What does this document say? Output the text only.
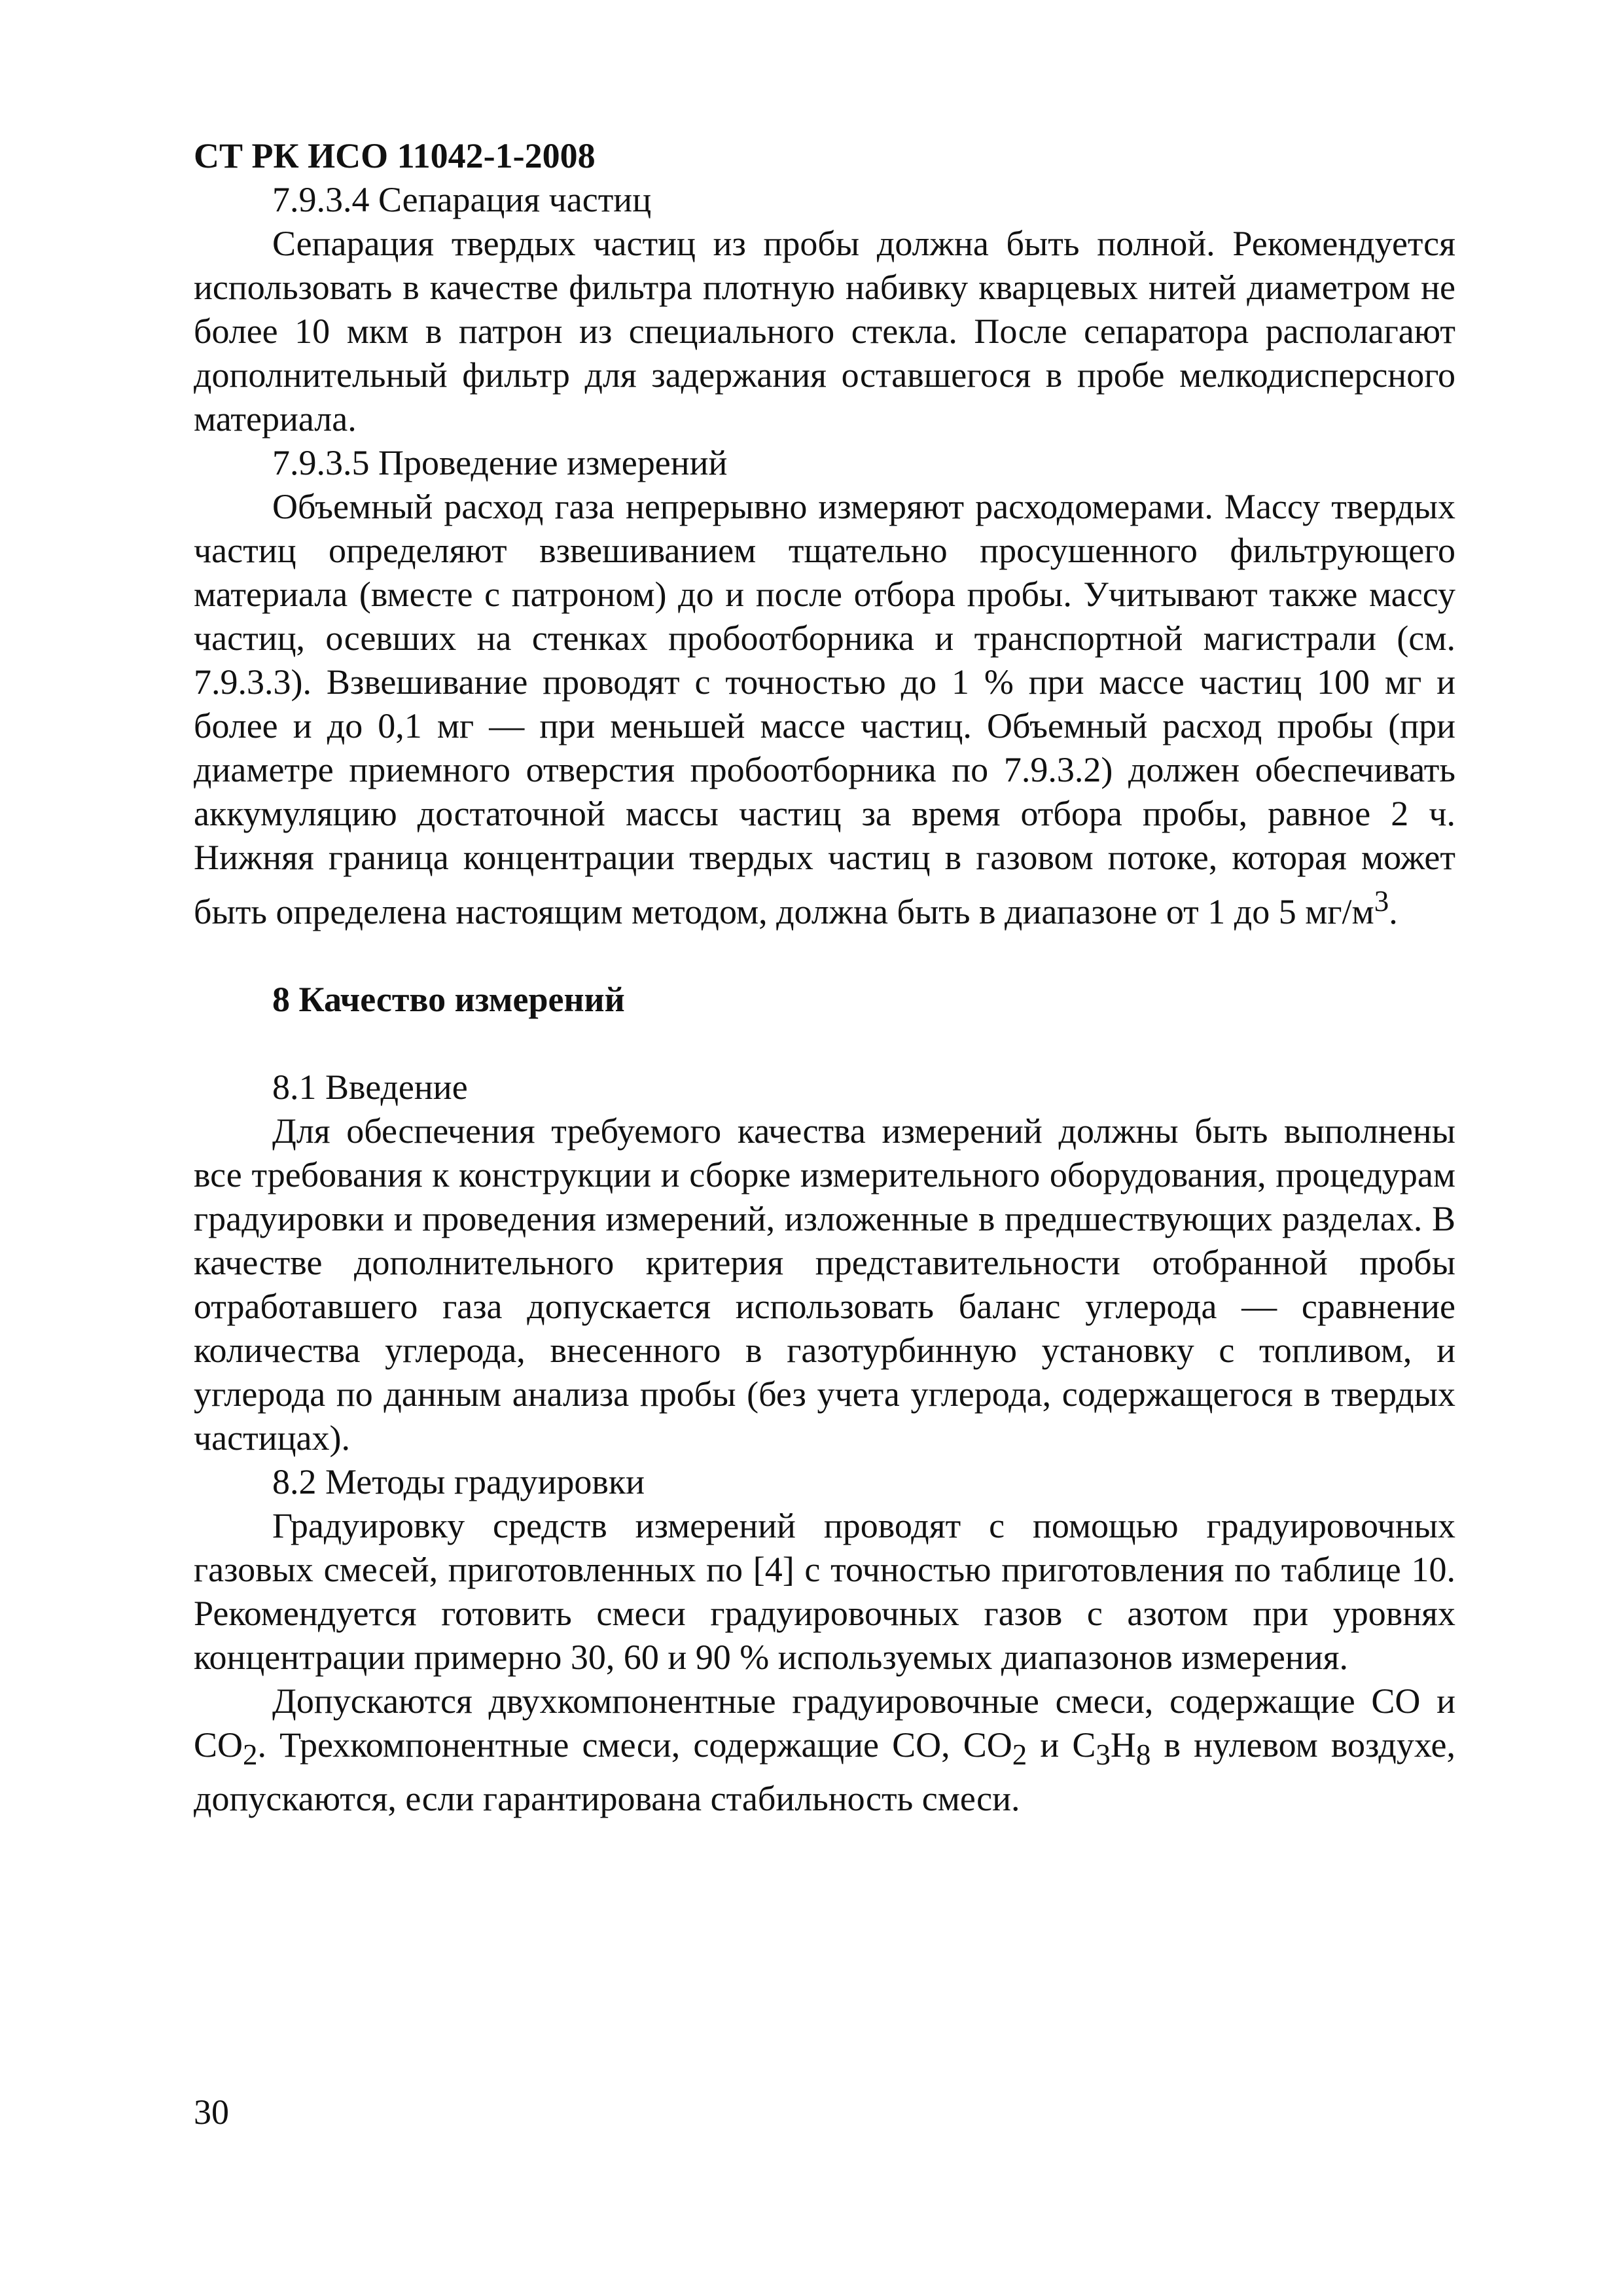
СТ РК ИСО 11042-1-2008

7.9.3.4 Сепарация частиц

Сепарация твердых частиц из пробы должна быть полной. Рекомендуется использовать в качестве фильтра плотную набивку кварцевых нитей диаметром не более 10 мкм в патрон из специального стекла. После сепаратора располагают дополнительный фильтр для задержания оставшегося в пробе мелкодисперсного материала.

7.9.3.5 Проведение измерений

Объемный расход газа непрерывно измеряют расходомерами. Массу твердых частиц определяют взвешиванием тщательно просушенного фильтрующего материала (вместе с патроном) до и после отбора пробы. Учитывают также массу частиц, осевших на стенках пробоотборника и транспортной магистрали (см. 7.9.3.3). Взвешивание проводят с точностью до 1 % при массе частиц 100 мг и более и до 0,1 мг — при меньшей массе частиц. Объемный расход пробы (при диаметре приемного отверстия пробоотборника по 7.9.3.2) должен обеспечивать аккумуляцию достаточной массы частиц за время отбора пробы, равное 2 ч. Нижняя граница концентрации твердых частиц в газовом потоке, которая может быть определена настоящим методом, должна быть в диапазоне от 1 до 5 $мг/м^3$.

8 Качество измерений

8.1 Введение

Для обеспечения требуемого качества измерений должны быть выполнены все требования к конструкции и сборке измерительного оборудования, процедурам градуировки и проведения измерений, изложенные в предшествующих разделах. В качестве дополнительного критерия представительности отобранной пробы отработавшего газа допускается использовать баланс углерода — сравнение количества углерода, внесенного в газотурбинную установку с топливом, и углерода по данным анализа пробы (без учета углерода, содержащегося в твердых частицах).

8.2 Методы градуировки

Градуировку средств измерений проводят с помощью градуировочных газовых смесей, приготовленных по [4] с точностью приготовления по таблице 10. Рекомендуется готовить смеси градуировочных газов с азотом при уровнях концентрации примерно 30, 60 и 90 % используемых диапазонов измерения.

Допускаются двухкомпонентные градуировочные смеси, содержащие CO и $CO_2$. Трехкомпонентные смеси, содержащие CO, $CO_2$ и $C_3H_8$ в нулевом воздухе, допускаются, если гарантирована стабильность смеси.

30
